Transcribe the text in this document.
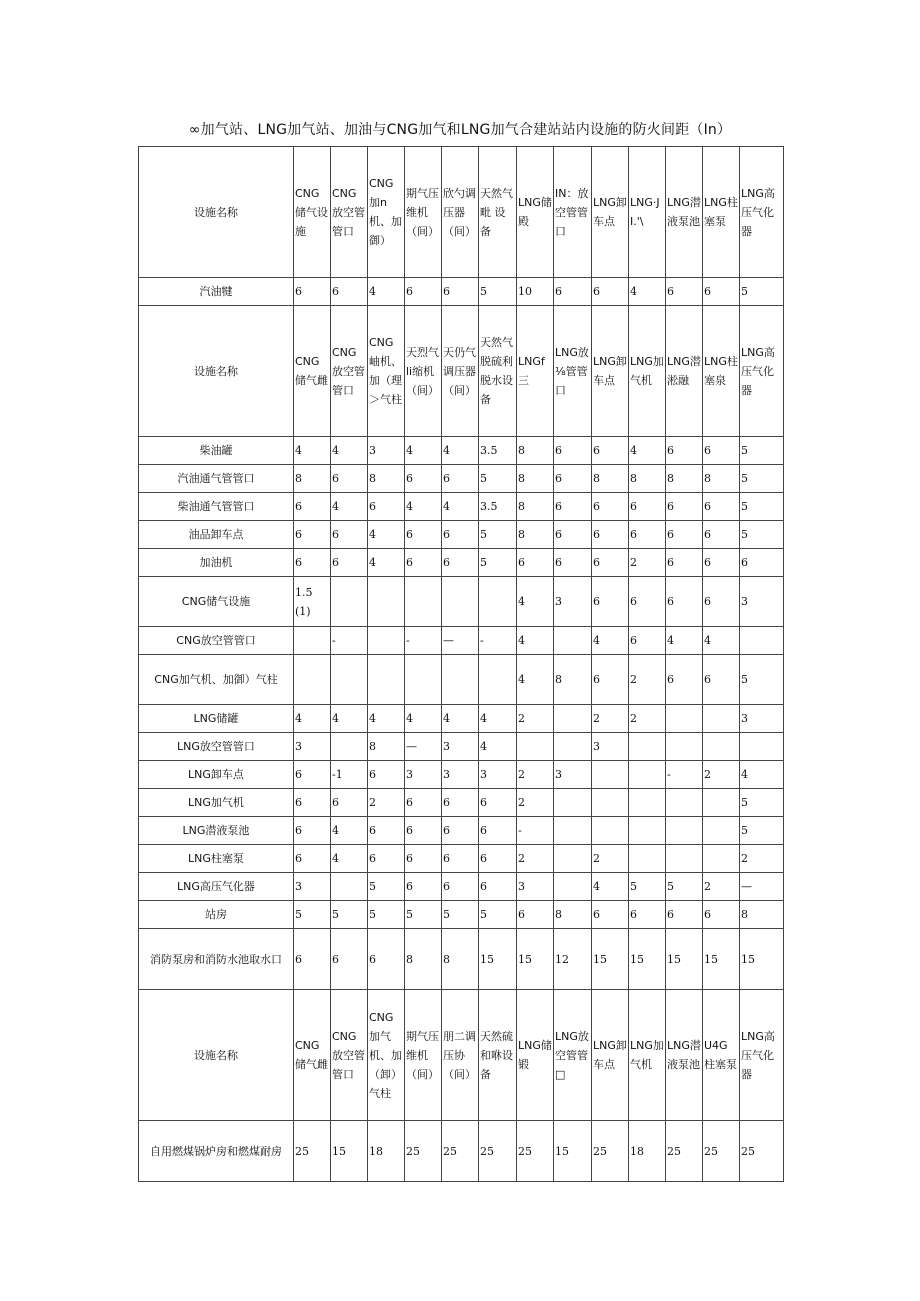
∞加气站、LNG加气站、加油与CNG加气和LNG加气合建站站内设施的防火间距（In）
设施名称	CNG储气设施	CNG放空管管口	CNG加n机、加御）	期气压维机（间）	欣勺调压器（间）	天然气毗 设备	LNG储殿	IN：放空管管口	LNG卸车点	LNG·JI.'\	LNG潜液泵池	LNG柱塞泵	LNG高压气化器
汽油犍	6	6	4	6	6	5	10	6	6	4	6	6	5
设施名称	CNG储气雌	CNG放空管管口	CNG岫机、加（理＞气柱	天烈气li缩机（间）	天仍气调压器（间）	天然气脱硫利脱水设备	LNGf三	LNG放⅛管管口	LNG卸车点	LNG加气机	LNG潜淞融	LNG柱塞泉	LNG高压气化器
柴油罐	4	4	3	4	4	3.5	8	6	6	4	6	6	5
汽油通气管管口	8	6	8	6	6	5	8	6	8	8	8	8	5
柴油通气管管口	6	4	6	4	4	3.5	8	6	6	6	6	6	5
油品卸车点	6	6	4	6	6	5	8	6	6	6	6	6	5
加油机	6	6	4	6	6	5	6	6	6	2	6	6	6
CNG储气设施	1.5 (1)						4	3	6	6	6	6	3
CNG放空管管口		-		-	—	-	4		4	6	4	4	
CNG加气机、加御）气柱							4	8	6	2	6	6	5
LNG储罐	4	4	4	4	4	4	2		2	2			3
LNG放空管管口	3		8	—	3	4			3				
LNG卸车点	6	-1	6	3	3	3	2	3			-	2	4
LNG加气机	6	6	2	6	6	6	2						5
LNG潜液泵池	6	4	6	6	6	6	-						5
LNG柱塞泵	6	4	6	6	6	6	2		2				2
LNG高压气化器	3		5	6	6	6	3		4	5	5	2	—
站房	5	5	5	5	5	5	6	8	6	6	6	6	8
消防泵房和消防水池取水口	6	6	6	8	8	15	15	12	15	15	15	15	15
设施名称	CNG储气雌	CNG放空管管口	CNG加气机、加（卸）气柱	期气压维机（间）	朋二调压协（间）	天然硫和咻设备	LNG储锻	LNG放空管管□	LNG卸车点	LNG加气机	LNG潜液泵池	U4G柱塞泵	LNG高压气化器
自用燃煤锅炉房和燃煤耐房	25	15	18	25	25	25	25	15	25	18	25	25	25
